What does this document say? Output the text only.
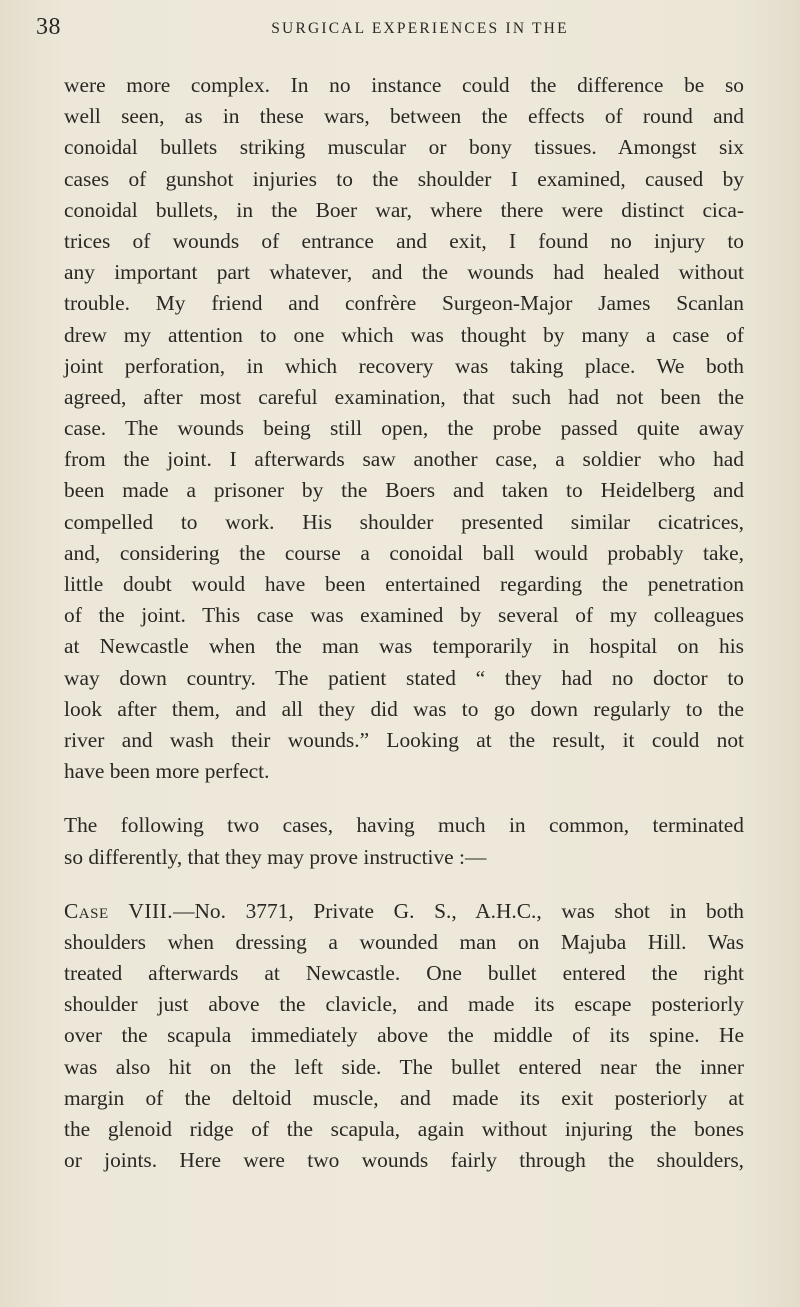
38	SURGICAL EXPERIENCES IN THE
were more complex. In no instance could the difference be so
well seen, as in these wars, between the effects of round and
conoidal bullets striking muscular or bony tissues. Amongst six
cases of gunshot injuries to the shoulder I examined, caused by
conoidal bullets, in the Boer war, where there were distinct cica-
trices of wounds of entrance and exit, I found no injury to
any important part whatever, and the wounds had healed without
trouble. My friend and confrère Surgeon-Major James Scanlan
drew my attention to one which was thought by many a case of
joint perforation, in which recovery was taking place. We both
agreed, after most careful examination, that such had not been the
case. The wounds being still open, the probe passed quite away
from the joint. I afterwards saw another case, a soldier who had
been made a prisoner by the Boers and taken to Heidelberg and
compelled to work. His shoulder presented similar cicatrices,
and, considering the course a conoidal ball would probably take,
little doubt would have been entertained regarding the penetration
of the joint. This case was examined by several of my colleagues
at Newcastle when the man was temporarily in hospital on his
way down country. The patient stated “ they had no doctor to
look after them, and all they did was to go down regularly to the
river and wash their wounds.” Looking at the result, it could not
have been more perfect.
The following two cases, having much in common, terminated
so differently, that they may prove instructive :—
Case VIII.—No. 3771, Private G. S., A.H.C., was shot in both
shoulders when dressing a wounded man on Majuba Hill. Was
treated afterwards at Newcastle. One bullet entered the right
shoulder just above the clavicle, and made its escape posteriorly
over the scapula immediately above the middle of its spine. He
was also hit on the left side. The bullet entered near the inner
margin of the deltoid muscle, and made its exit posteriorly at
the glenoid ridge of the scapula, again without injuring the bones
or joints. Here were two wounds fairly through the shoulders,
